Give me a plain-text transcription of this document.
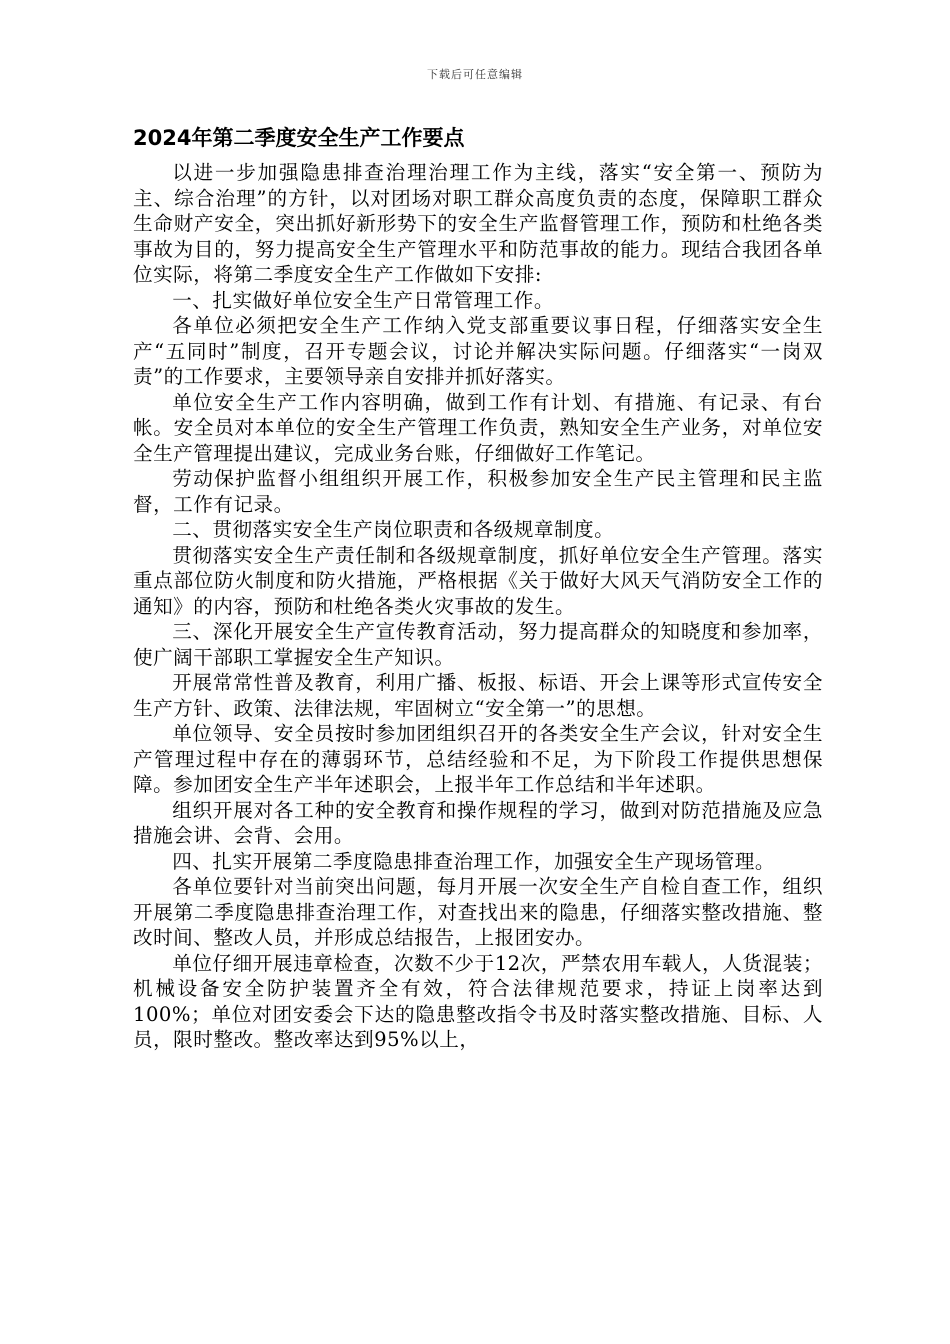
下载后可任意编辑
2024年第二季度安全生产工作要点

以进一步加强隐患排查治理治理工作为主线，落实“安全第一、预防为主、综合治理”的方针，以对团场对职工群众高度负责的态度，保障职工群众生命财产安全，突出抓好新形势下的安全生产监督管理工作，预防和杜绝各类事故为目的，努力提高安全生产管理水平和防范事故的能力。现结合我团各单位实际，将第二季度安全生产工作做如下安排:

一、扎实做好单位安全生产日常管理工作。

各单位必须把安全生产工作纳入党支部重要议事日程，仔细落实安全生产“五同时”制度，召开专题会议，讨论并解决实际问题。仔细落实“一岗双责”的工作要求，主要领导亲自安排并抓好落实。

单位安全生产工作内容明确，做到工作有计划、有措施、有记录、有台帐。安全员对本单位的安全生产管理工作负责，熟知安全生产业务，对单位安全生产管理提出建议，完成业务台账，仔细做好工作笔记。

劳动保护监督小组组织开展工作，积极参加安全生产民主管理和民主监督，工作有记录。

二、贯彻落实安全生产岗位职责和各级规章制度。

贯彻落实安全生产责任制和各级规章制度，抓好单位安全生产管理。落实重点部位防火制度和防火措施，严格根据《关于做好大风天气消防安全工作的通知》的内容，预防和杜绝各类火灾事故的发生。

三、深化开展安全生产宣传教育活动，努力提高群众的知晓度和参加率，使广阔干部职工掌握安全生产知识。

开展常常性普及教育，利用广播、板报、标语、开会上课等形式宣传安全生产方针、政策、法律法规，牢固树立“安全第一”的思想。

单位领导、安全员按时参加团组织召开的各类安全生产会议，针对安全生产管理过程中存在的薄弱环节，总结经验和不足，为下阶段工作提供思想保障。参加团安全生产半年述职会，上报半年工作总结和半年述职。

组织开展对各工种的安全教育和操作规程的学习，做到对防范措施及应急措施会讲、会背、会用。

四、扎实开展第二季度隐患排查治理工作，加强安全生产现场管理。

各单位要针对当前突出问题，每月开展一次安全生产自检自查工作，组织开展第二季度隐患排查治理工作，对查找出来的隐患，仔细落实整改措施、整改时间、整改人员，并形成总结报告，上报团安办。

单位仔细开展违章检查，次数不少于12次，严禁农用车载人，人货混装；机械设备安全防护装置齐全有效，符合法律规范要求，持证上岗率达到100%；单位对团安委会下达的隐患整改指令书及时落实整改措施、目标、人员，限时整改。整改率达到95%以上，
